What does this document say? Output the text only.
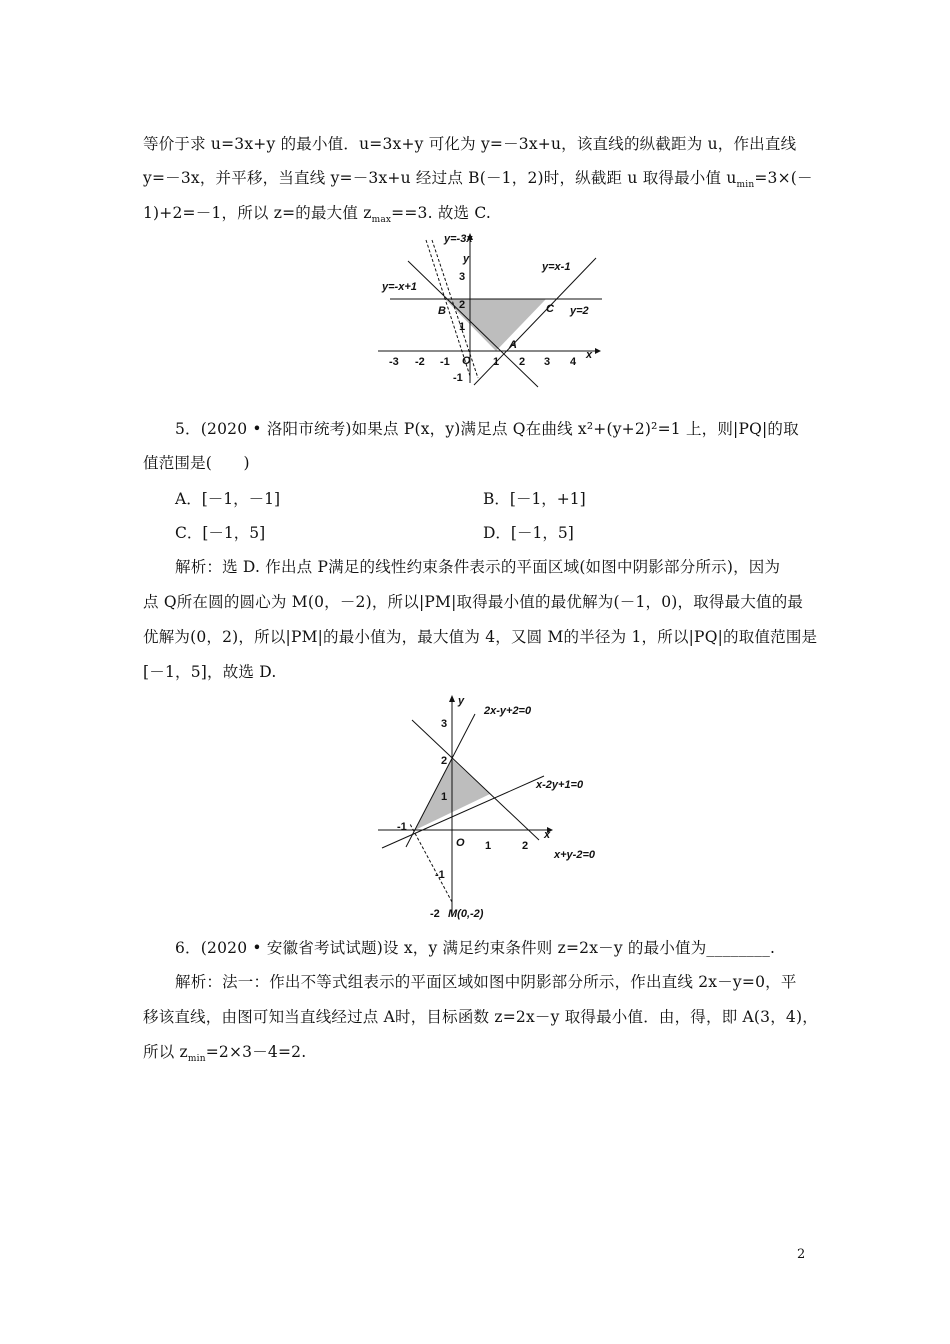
等价于求 u=3x+y 的最小值．u=3x+y 可化为 y=－3x+u，该直线的纵截距为 u，作出直线
y=－3x，并平移，当直线 y=－3x+u 经过点 B(－1，2)时，纵截距 u 取得最小值 $u_{min}=3\times(-$
1)+2=－1，所以 z=的最大值 $z_{max}==3$. 故选 C.
-3 -2 -1	1 2 3 4
3
2
1
-1
O	x
y
y=-3x
y=x-1
y=-x+1
y=2
B	C
A
5．(2020 • 洛阳市统考)如果点 P(x，y)满足点 Q在曲线 x²+(y+2)²=1 上，则|PQ|的取
值范围是(　　)
A．[－1，－1]	B．[－1，+1]
C．[－1，5]	D．[－1，5]
解析：选 D. 作出点 P满足的线性约束条件表示的平面区域(如图中阴影部分所示)，因为
点 Q所在圆的圆心为 M(0，－2)，所以|PM|取得最小值的最优解为(－1，0)，取得最大值的最
优解为(0，2)，所以|PM|的最小值为，最大值为 4，又圆 M的半径为 1，所以|PQ|的取值范围是
[－1，5]，故选 D.
-1
1	2
3
2
1
-1
-2
O
x
y
2x-y+2=0
x-2y+1=0
x+y-2=0
M(0,-2)
6．(2020 • 安徽省考试试题)设 x，y 满足约束条件则 z=2x－y 的最小值为________.
解析：法一：作出不等式组表示的平面区域如图中阴影部分所示，作出直线 2x－y=0，平
移该直线，由图可知当直线经过点 A时，目标函数 z=2x－y 取得最小值．由，得，即 A(3，4)，
所以 $z_{min}=2\times 3-4=2$.
2
